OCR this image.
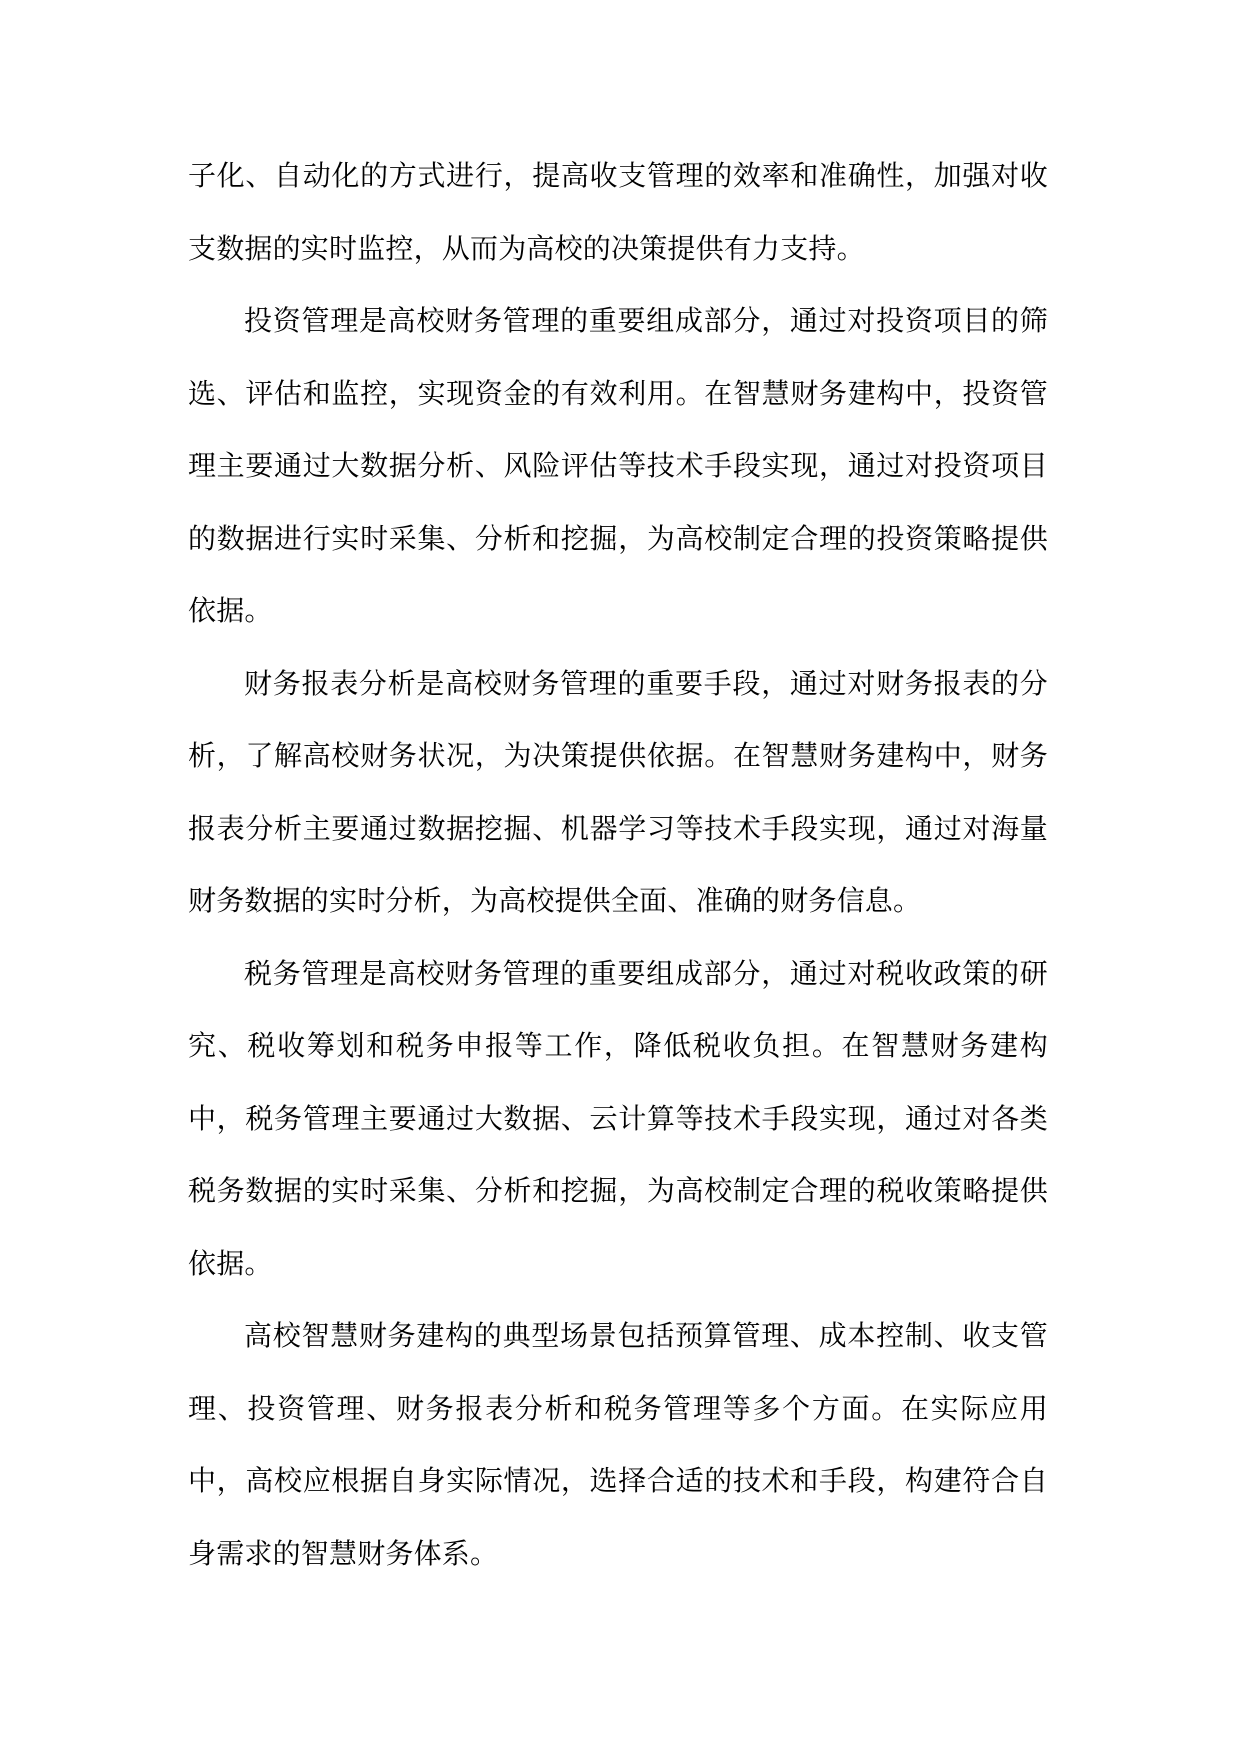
子化、自动化的方式进行，提高收支管理的效率和准确性，加强对收支数据的实时监控，从而为高校的决策提供有力支持。

投资管理是高校财务管理的重要组成部分，通过对投资项目的筛选、评估和监控，实现资金的有效利用。在智慧财务建构中，投资管理主要通过大数据分析、风险评估等技术手段实现，通过对投资项目的数据进行实时采集、分析和挖掘，为高校制定合理的投资策略提供依据。

财务报表分析是高校财务管理的重要手段，通过对财务报表的分析，了解高校财务状况，为决策提供依据。在智慧财务建构中，财务报表分析主要通过数据挖掘、机器学习等技术手段实现，通过对海量财务数据的实时分析，为高校提供全面、准确的财务信息。

税务管理是高校财务管理的重要组成部分，通过对税收政策的研究、税收筹划和税务申报等工作，降低税收负担。在智慧财务建构中，税务管理主要通过大数据、云计算等技术手段实现，通过对各类税务数据的实时采集、分析和挖掘，为高校制定合理的税收策略提供依据。

高校智慧财务建构的典型场景包括预算管理、成本控制、收支管理、投资管理、财务报表分析和税务管理等多个方面。在实际应用中，高校应根据自身实际情况，选择合适的技术和手段，构建符合自身需求的智慧财务体系。
